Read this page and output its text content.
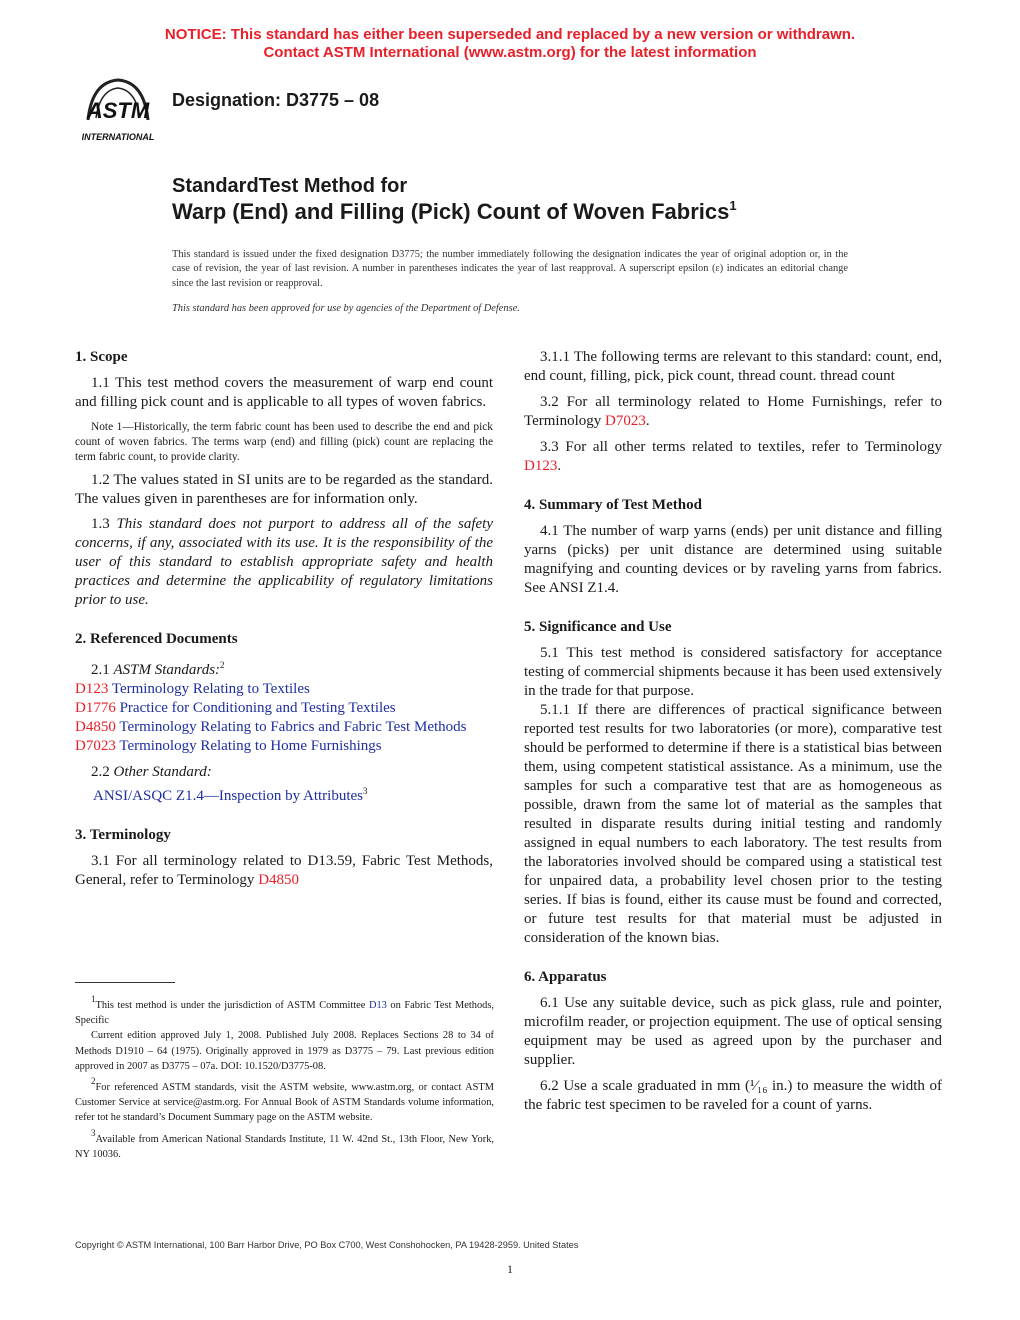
NOTICE: This standard has either been superseded and replaced by a new version or withdrawn.
Contact ASTM International (www.astm.org) for the latest information
ASTM
INTERNATIONAL
Designation: D3775 – 08
StandardTest Method for
Warp (End) and Filling (Pick) Count of Woven Fabrics$^1$
This standard is issued under the fixed designation D3775; the number immediately following the designation indicates the year of original adoption or, in the case of revision, the year of last revision. A number in parentheses indicates the year of last reapproval. A superscript epsilon (ε) indicates an editorial change since the last revision or reapproval.
This standard has been approved for use by agencies of the Department of Defense.

1. Scope

1.1 This test method covers the measurement of warp end count and filling pick count and is applicable to all types of woven fabrics.

Note 1—Historically, the term fabric count has been used to describe the end and pick count of woven fabrics. The terms warp (end) and filling (pick) count are replacing the term fabric count, to provide clarity.

1.2 The values stated in SI units are to be regarded as the standard. The values given in parentheses are for information only.

1.3 This standard does not purport to address all of the safety concerns, if any, associated with its use. It is the responsibility of the user of this standard to establish appropriate safety and health practices and determine the applicability of regulatory limitations prior to use.

2. Referenced Documents

2.1 ASTM Standards:$^2$

D123 Terminology Relating to Textiles

D1776 Practice for Conditioning and Testing Textiles

D4850 Terminology Relating to Fabrics and Fabric Test Methods

D7023 Terminology Relating to Home Furnishings

2.2 Other Standard:

ANSI/ASQC Z1.4—Inspection by Attributes$^3$

3. Terminology

3.1 For all terminology related to D13.59, Fabric Test Methods, General, refer to Terminology D4850

1This test method is under the jurisdiction of ASTM Committee D13 on Fabric Test Methods, Specific

Current edition approved July 1, 2008. Published July 2008. Replaces Sections 28 to 34 of Methods D1910 – 64 (1975). Originally approved in 1979 as D3775 – 79. Last previous edition approved in 2007 as D3775 – 07a. DOI: 10.1520/D3775-08.

2For referenced ASTM standards, visit the ASTM website, www.astm.org, or contact ASTM Customer Service at service@astm.org. For Annual Book of ASTM Standards volume information, refer tot he standard’s Document Summary page on the ASTM website.

3Available from American National Standards Institute, 11 W. 42nd St., 13th Floor, New York, NY 10036.

3.1.1 The following terms are relevant to this standard: count, end, end count, filling, pick, pick count, thread count. thread count

3.2 For all terminology related to Home Furnishings, refer to Terminology D7023.

3.3 For all other terms related to textiles, refer to Terminology D123.

4. Summary of Test Method

4.1 The number of warp yarns (ends) per unit distance and filling yarns (picks) per unit distance are determined using suitable magnifying and counting devices or by raveling yarns from fabrics. See ANSI Z1.4.

5. Significance and Use

5.1 This test method is considered satisfactory for acceptance testing of commercial shipments because it has been used extensively in the trade for that purpose.

5.1.1 If there are differences of practical significance between reported test results for two laboratories (or more), comparative test should be performed to determine if there is a statistical bias between them, using competent statistical assistance. As a minimum, use the samples for such a comparative test that are as homogeneous as possible, drawn from the same lot of material as the samples that resulted in disparate results during initial testing and randomly assigned in equal numbers to each laboratory. The test results from the laboratories involved should be compared using a statistical test for unpaired data, a probability level chosen prior to the testing series. If bias is found, either its cause must be found and corrected, or future test results for that material must be adjusted in consideration of the known bias.

6. Apparatus

6.1 Use any suitable device, such as pick glass, rule and pointer, microfilm reader, or projection equipment. The use of optical sensing equipment may be used as agreed upon by the purchaser and supplier.

6.2 Use a scale graduated in mm (¹⁄₁₆ in.) to measure the width of the fabric test specimen to be raveled for a count of yarns.

Copyright © ASTM International, 100 Barr Harbor Drive, PO Box C700, West Conshohocken, PA 19428-2959. United States
1
